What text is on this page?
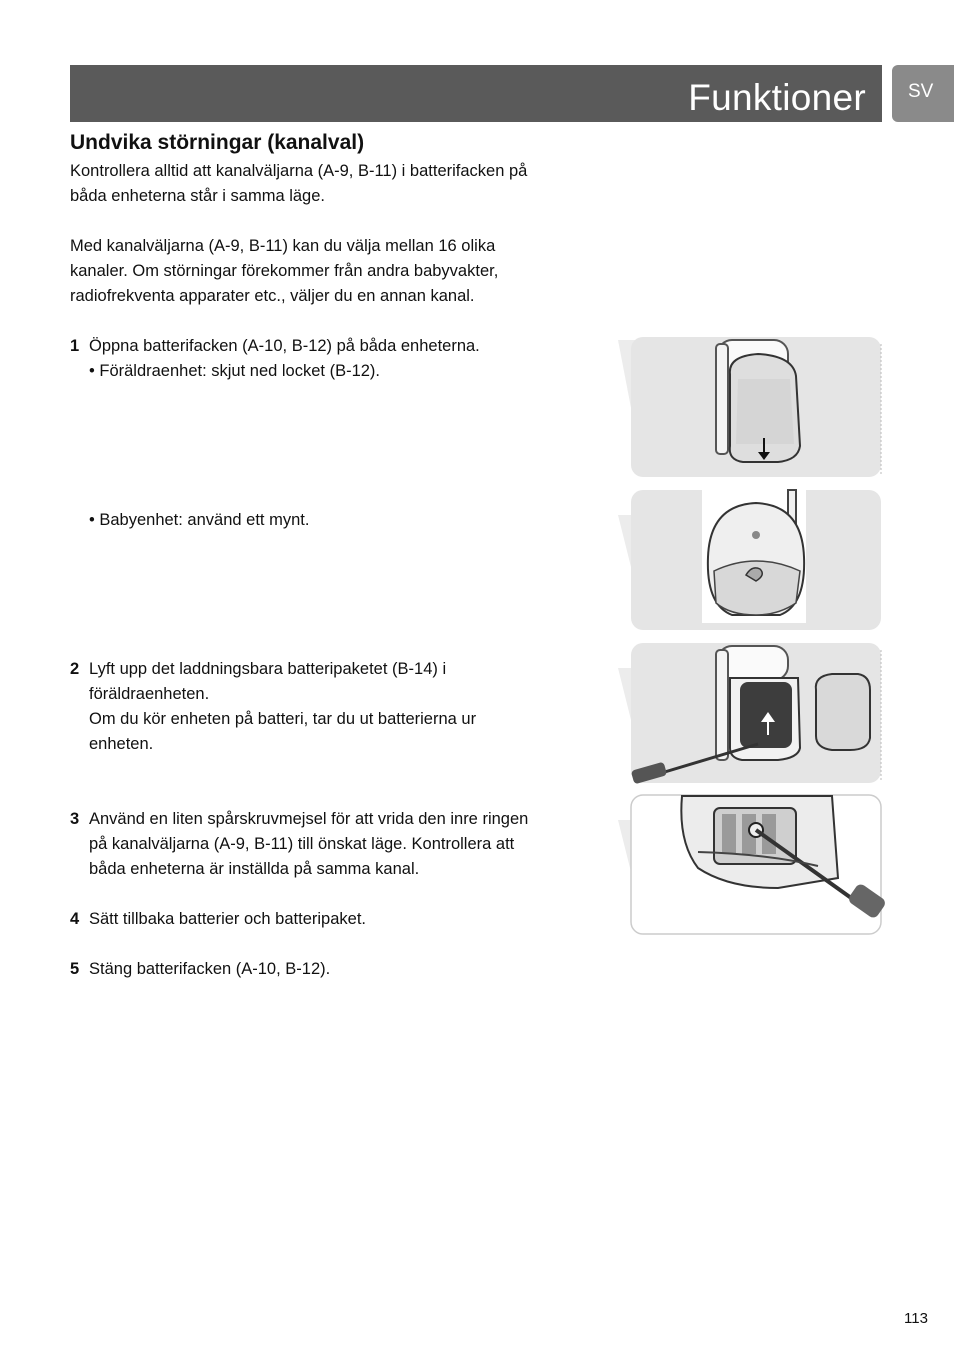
Funktioner SV
Undvika störningar (kanalval)

Kontrollera alltid att kanalväljarna (A-9, B-11) i batterifacken på
båda enheterna står i samma läge.

Med kanalväljarna (A-9, B-11) kan du välja mellan 16 olika
kanaler. Om störningar förekommer från andra babyvakter,
radiofrekventa apparater etc., väljer du en annan kanal.

1 Öppna batterifacken (A-10, B-12) på båda enheterna.
• Föräldraenhet: skjut ned locket (B-12).
• Babyenhet: använd ett mynt.
2 Lyft upp det laddningsbara batteripaketet (B-14) i
föräldraenheten.
Om du kör enheten på batteri, tar du ut batterierna ur
enheten.
3 Använd en liten spårskruvmejsel för att vrida den inre ringen
på kanalväljarna (A-9, B-11) till önskat läge. Kontrollera att
båda enheterna är inställda på samma kanal.
4 Sätt tillbaka batterier och batteripaket.
5 Stäng batterifacken (A-10, B-12).
113
